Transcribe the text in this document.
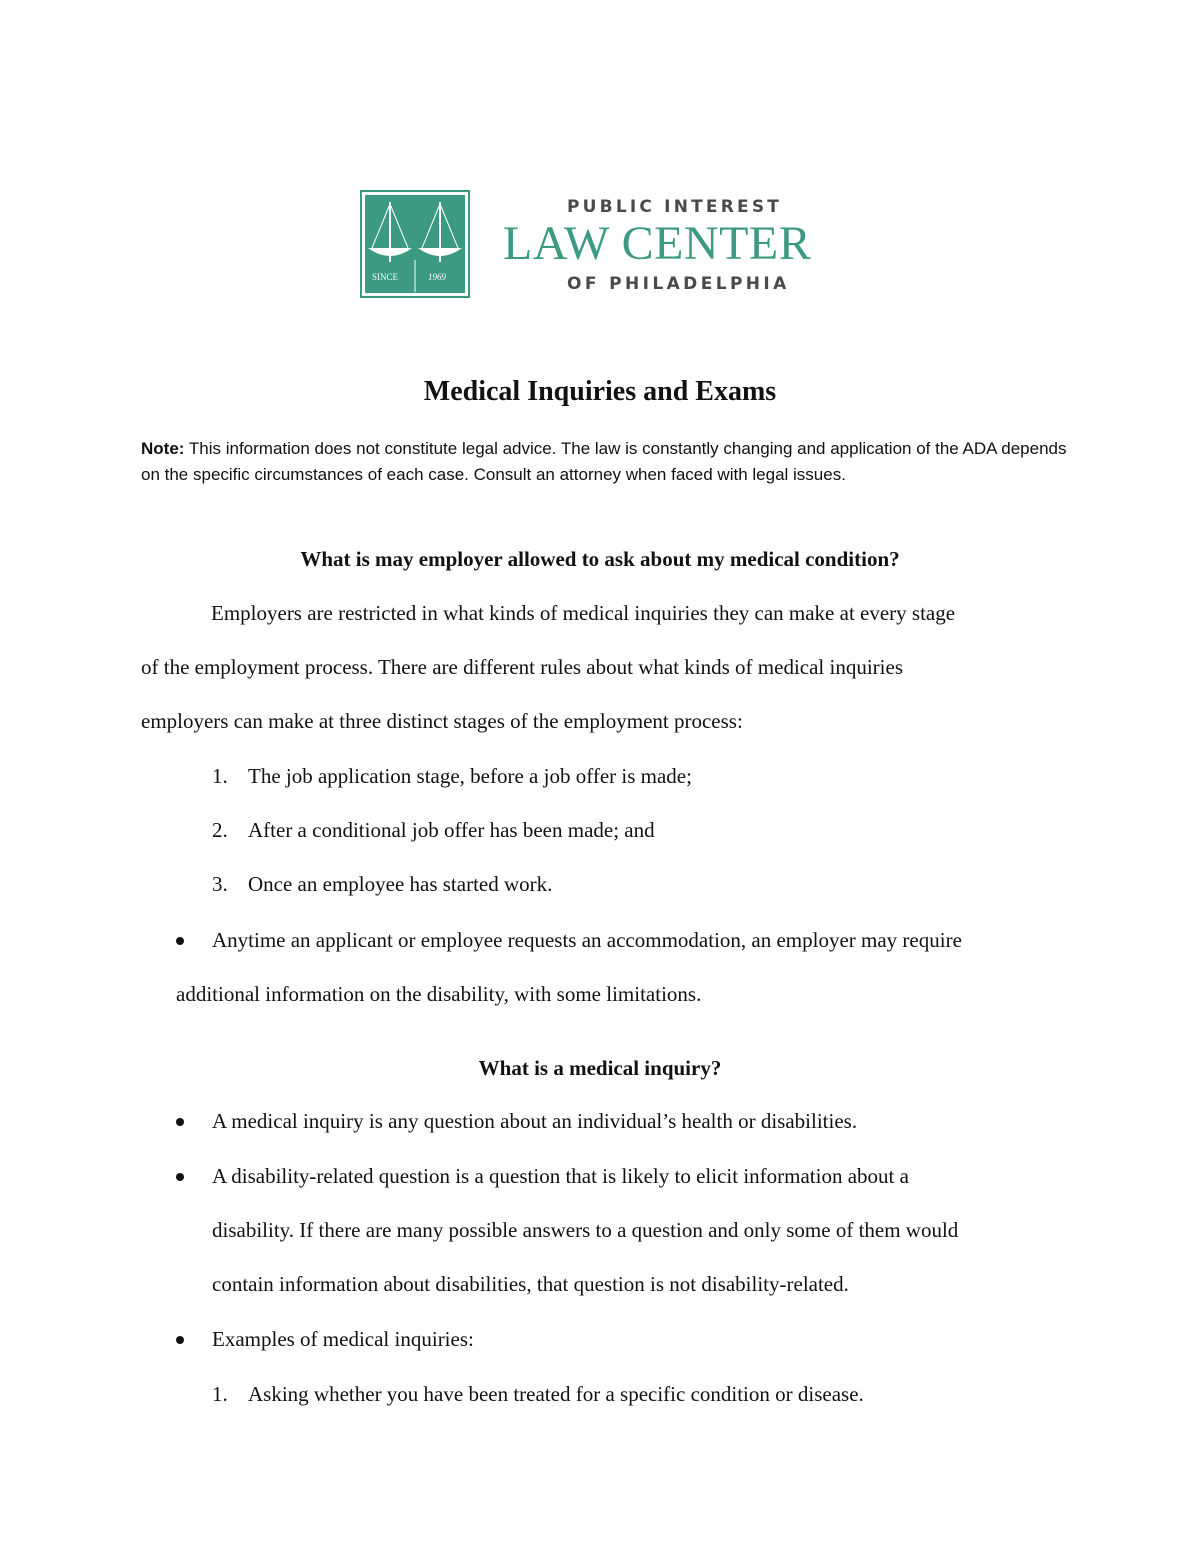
SINCE	1969
PUBLIC INTEREST
LAW CENTER
OF PHILADELPHIA
Medical Inquiries and Exams
Note: This information does not constitute legal advice. The law is constantly changing and application of the ADA depends on the specific circumstances of each case. Consult an attorney when faced with legal issues.
What is may employer allowed to ask about my medical condition?
Employers are restricted in what kinds of medical inquiries they can make at every stage
of the employment process. There are different rules about what kinds of medical inquiries
employers can make at three distinct stages of the employment process:
1. The job application stage, before a job offer is made;
2. After a conditional job offer has been made; and
3. Once an employee has started work.
Anytime an applicant or employee requests an accommodation, an employer may require
additional information on the disability, with some limitations.
What is a medical inquiry?
A medical inquiry is any question about an individual’s health or disabilities.
A disability-related question is a question that is likely to elicit information about a
disability. If there are many possible answers to a question and only some of them would
contain information about disabilities, that question is not disability-related.
Examples of medical inquiries:
1. Asking whether you have been treated for a specific condition or disease.
